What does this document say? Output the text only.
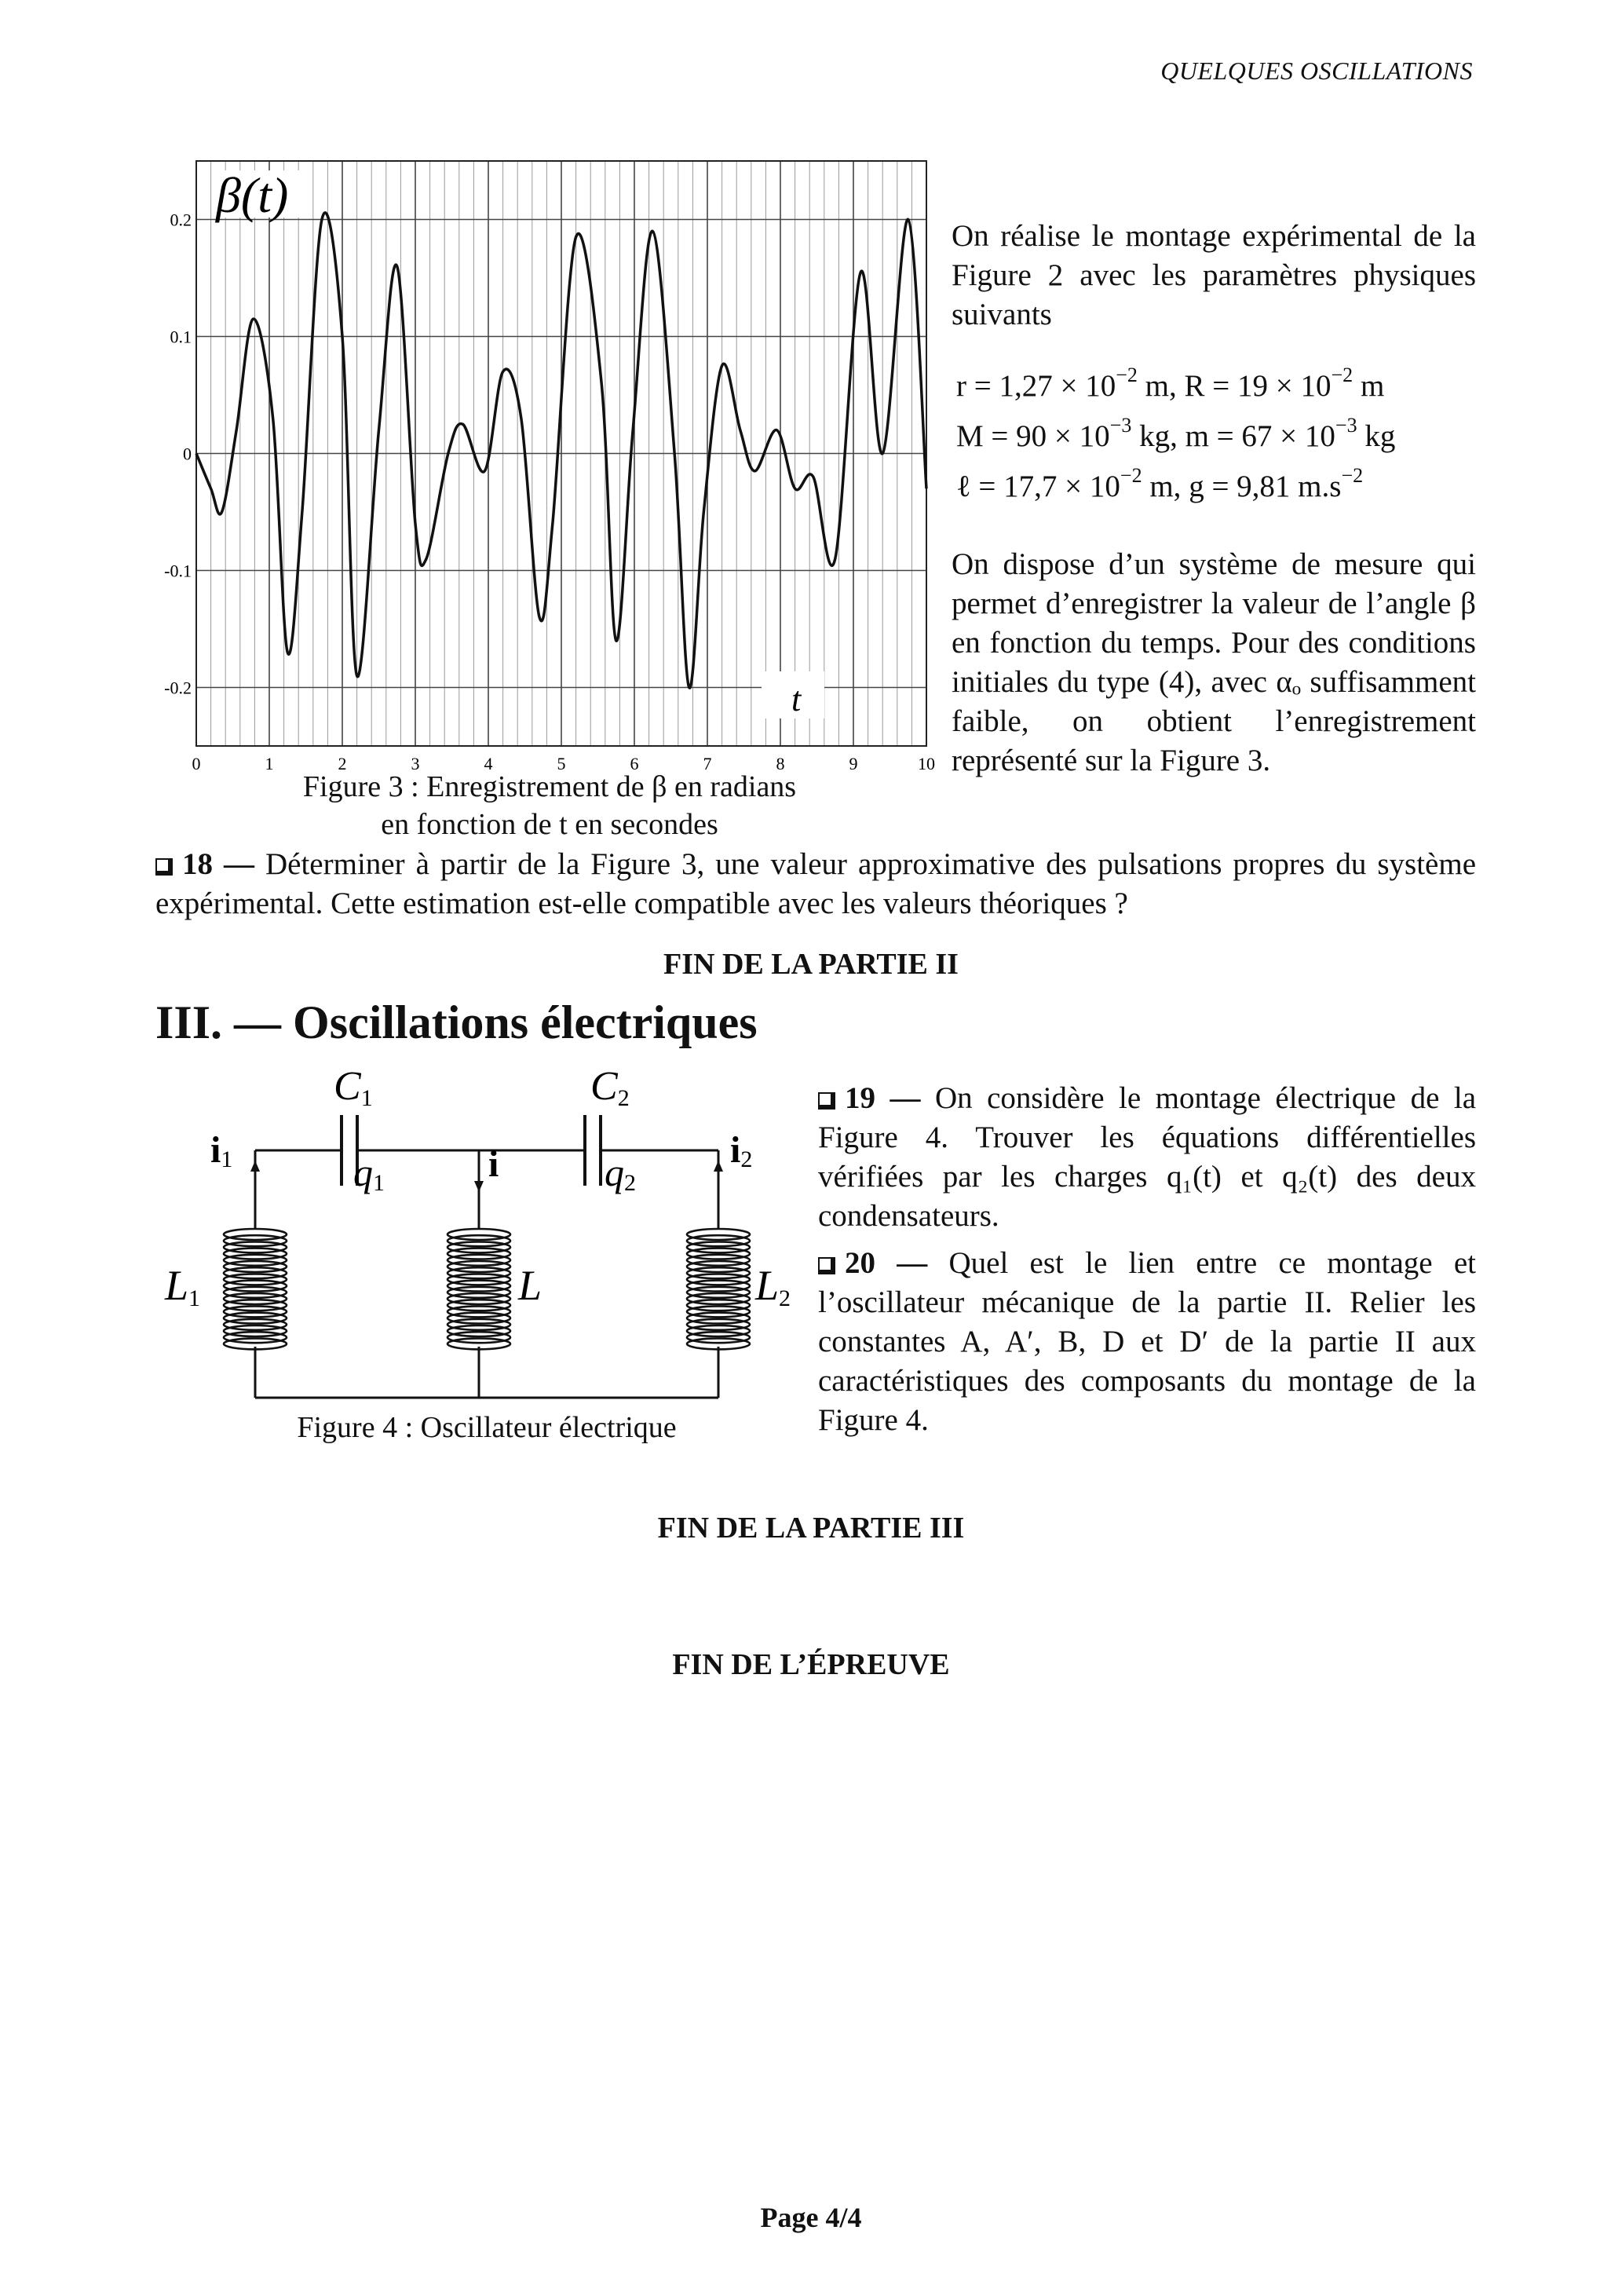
QUELQUES OSCILLATIONS
0.2
0.1
0
-0.1
-0.2
0	1	2	3	4	5	6	7	8	9	10
β(t)
t
Figure 3 : Enregistrement de β en radians
en fonction de t en secondes
On réalise le montage expérimental de la Figure 2 avec les paramètres physiques suivants
$r = 1,27 \times 10^{-2}$ m, $R = 19 \times 10^{-2}$ m
$M = 90 \times 10^{-3}$ kg, $m = 67 \times 10^{-3}$ kg
ℓ = $17,7 \times 10^{-2}$ m, g = 9,81 $m.s^{-2}$
On dispose d’un système de mesure qui permet d’enregistrer la valeur de l’angle β en fonction du temps. Pour des conditions initiales du type (4), avec αₒ suffisamment faible, on obtient l’enregistrement représenté sur la Figure 3.
18 — Déterminer à partir de la Figure 3, une valeur approximative des pulsations propres du système expérimental. Cette estimation est-elle compatible avec les valeurs théoriques ?
FIN DE LA PARTIE II
III. — Oscillations électriques
C1	C2
i1	i	i2
q1	q2
L1	L	L2
Figure 4 : Oscillateur électrique
19 — On considère le montage électrique de la Figure 4. Trouver les équations différentielles vérifiées par les charges q₁(t) et q₂(t) des deux condensateurs.
20 — Quel est le lien entre ce montage et l’oscillateur mécanique de la partie II. Relier les constantes A, A′, B, D et D′ de la partie II aux caractéristiques des composants du montage de la Figure 4.
FIN DE LA PARTIE III
FIN DE L’ÉPREUVE
Page 4/4
